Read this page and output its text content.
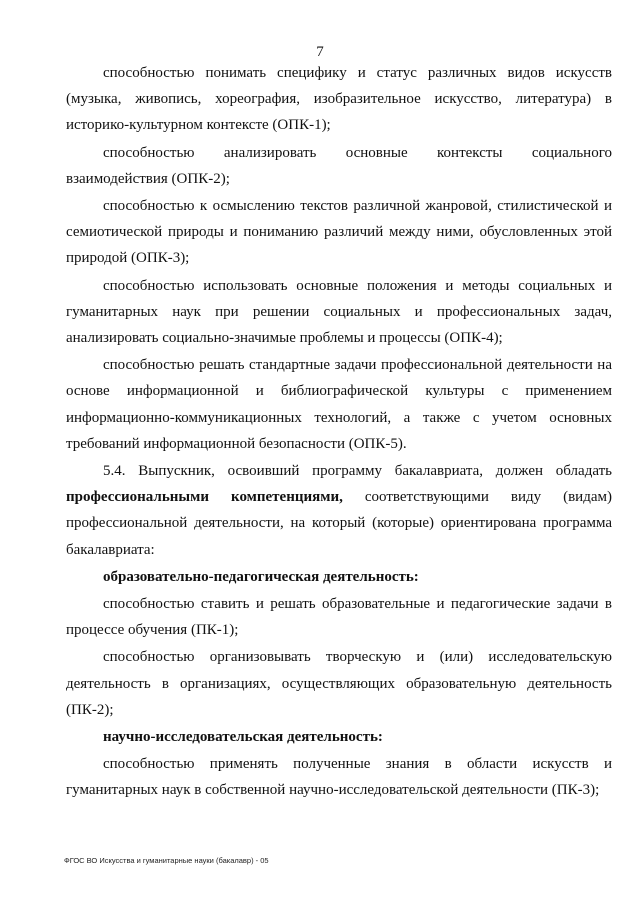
7

способностью понимать специфику и статус различных видов искусств (музыка, живопись, хореография, изобразительное искусство, литература) в историко-культурном контексте (ОПК-1);

способностью анализировать основные контексты социального взаимодействия (ОПК-2);

способностью к осмыслению текстов различной жанровой, стилистической и семиотической природы и пониманию различий между ними, обусловленных этой природой (ОПК-3);

способностью использовать основные положения и методы социальных и гуманитарных наук при решении социальных и профессиональных задач, анализировать социально-значимые проблемы и процессы (ОПК-4);

способностью решать стандартные задачи профессиональной деятельности на основе информационной и библиографической культуры с применением информационно-коммуникационных технологий, а также с учетом основных требований информационной безопасности (ОПК-5).

5.4. Выпускник, освоивший программу бакалавриата, должен обладать профессиональными компетенциями, соответствующими виду (видам) профессиональной деятельности, на который (которые) ориентирована программа бакалавриата:

образовательно-педагогическая деятельность:

способностью ставить и решать образовательные и педагогические задачи в процессе обучения (ПК-1);

способностью организовывать творческую и (или) исследовательскую деятельность в организациях, осуществляющих образовательную деятельность (ПК-2);

научно-исследовательская деятельность:

способностью применять полученные знания в области искусств и гуманитарных наук в собственной научно-исследовательской деятельности (ПК-3);

ФГОС ВО Искусства и гуманитарные науки (бакалавр) - 05
